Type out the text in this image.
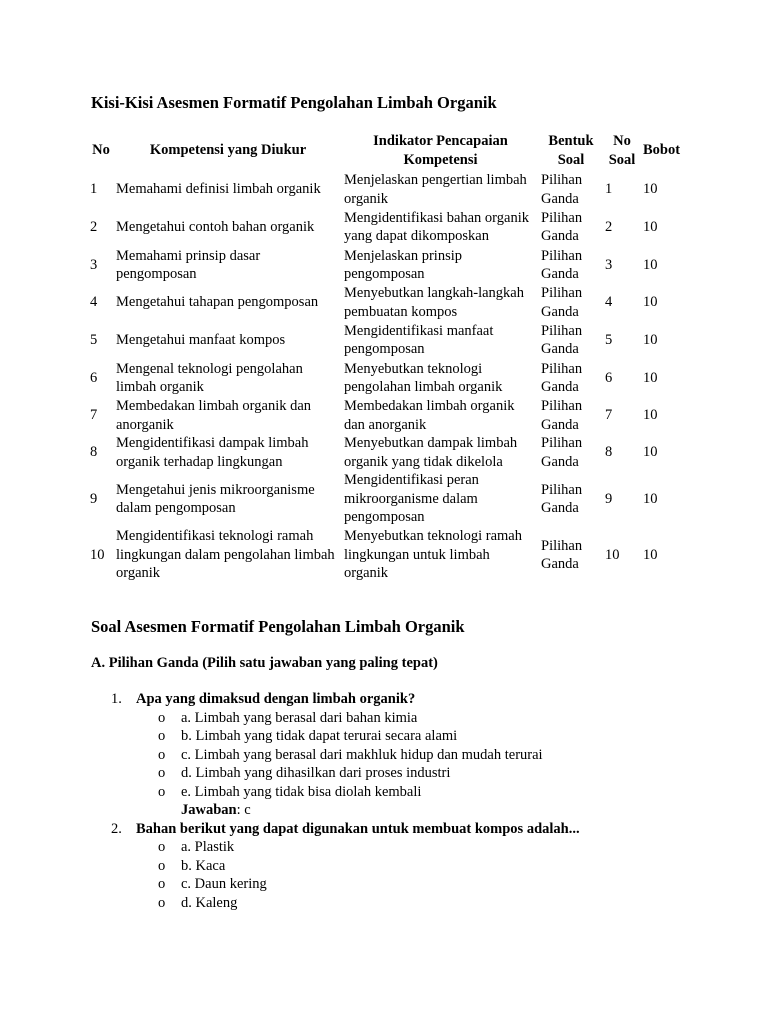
Kisi-Kisi Asesmen Formatif Pengolahan Limbah Organik
No	Kompetensi yang Diukur	Indikator Pencapaian Kompetensi	Bentuk Soal	No Soal	Bobot
1	Memahami definisi limbah organik	Menjelaskan pengertian limbah organik	Pilihan Ganda	1	10
2	Mengetahui contoh bahan organik	Mengidentifikasi bahan organik yang dapat dikomposkan	Pilihan Ganda	2	10
3	Memahami prinsip dasar pengomposan	Menjelaskan prinsip pengomposan	Pilihan Ganda	3	10
4	Mengetahui tahapan pengomposan	Menyebutkan langkah-langkah pembuatan kompos	Pilihan Ganda	4	10
5	Mengetahui manfaat kompos	Mengidentifikasi manfaat pengomposan	Pilihan Ganda	5	10
6	Mengenal teknologi pengolahan limbah organik	Menyebutkan teknologi pengolahan limbah organik	Pilihan Ganda	6	10
7	Membedakan limbah organik dan anorganik	Membedakan limbah organik dan anorganik	Pilihan Ganda	7	10
8	Mengidentifikasi dampak limbah organik terhadap lingkungan	Menyebutkan dampak limbah organik yang tidak dikelola	Pilihan Ganda	8	10
9	Mengetahui jenis mikroorganisme dalam pengomposan	Mengidentifikasi peran mikroorganisme dalam pengomposan	Pilihan Ganda	9	10
10	Mengidentifikasi teknologi ramah lingkungan dalam pengolahan limbah organik	Menyebutkan teknologi ramah lingkungan untuk limbah organik	Pilihan Ganda	10	10
Soal Asesmen Formatif Pengolahan Limbah Organik
A. Pilihan Ganda (Pilih satu jawaban yang paling tepat)
Apa yang dimaksud dengan limbah organik?
1.
o a. Limbah yang berasal dari bahan kimia
o b. Limbah yang tidak dapat terurai secara alami
o c. Limbah yang berasal dari makhluk hidup dan mudah terurai
o d. Limbah yang dihasilkan dari proses industri
o e. Limbah yang tidak bisa diolah kembali
Jawaban: c
Bahan berikut yang dapat digunakan untuk membuat kompos adalah...
2.
o a. Plastik
o b. Kaca
o c. Daun kering
o d. Kaleng
